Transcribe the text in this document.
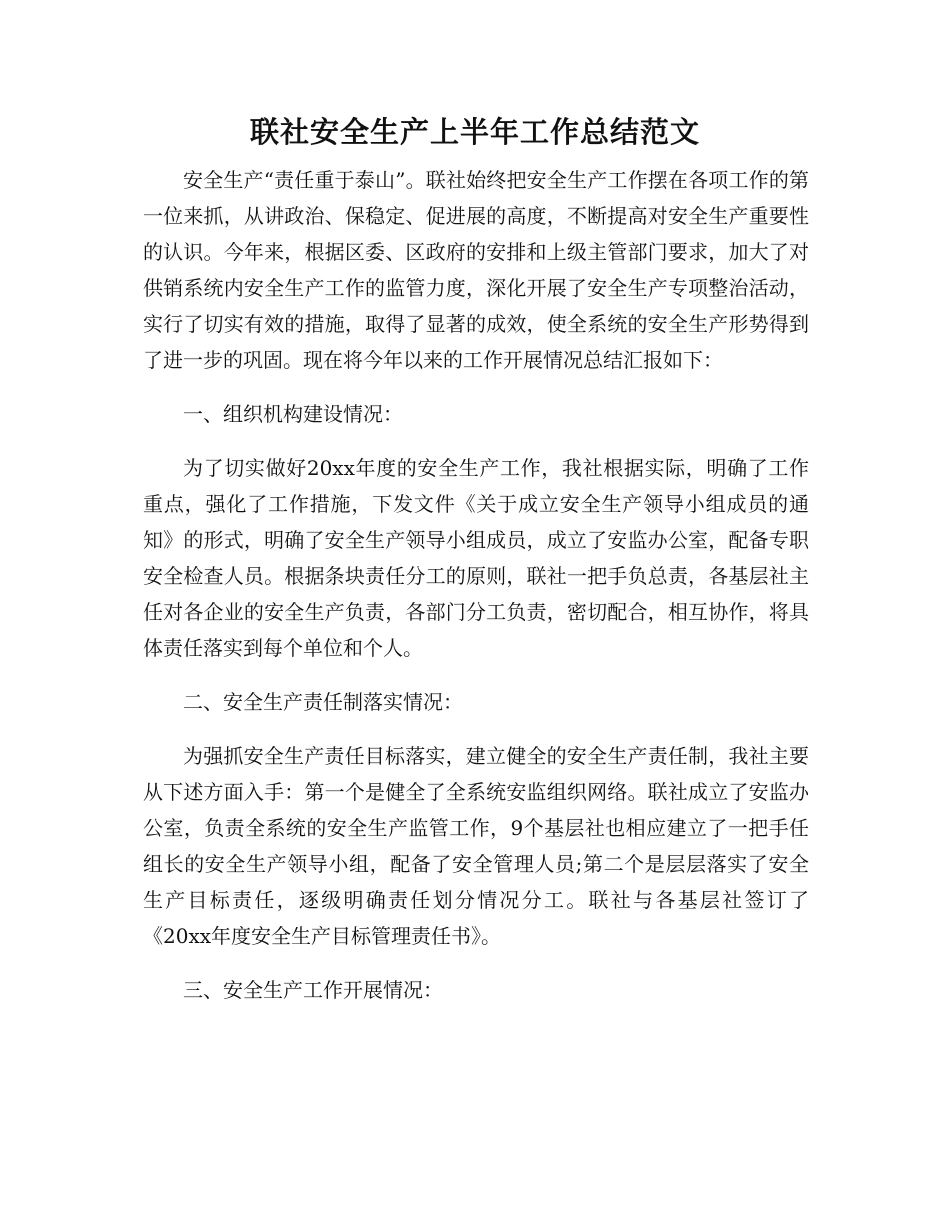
联社安全生产上半年工作总结范文

安全生产“责任重于泰山”。联社始终把安全生产工作摆在各项工作的第一位来抓，从讲政治、保稳定、促进展的高度，不断提高对安全生产重要性的认识。今年来，根据区委、区政府的安排和上级主管部门要求，加大了对供销系统内安全生产工作的监管力度，深化开展了安全生产专项整治活动，实行了切实有效的措施，取得了显著的成效，使全系统的安全生产形势得到了进一步的巩固。现在将今年以来的工作开展情况总结汇报如下：

一、组织机构建设情况：

为了切实做好20xx年度的安全生产工作，我社根据实际，明确了工作重点，强化了工作措施，下发文件《关于成立安全生产领导小组成员的通知》的形式，明确了安全生产领导小组成员，成立了安监办公室，配备专职安全检查人员。根据条块责任分工的原则，联社一把手负总责，各基层社主任对各企业的安全生产负责，各部门分工负责，密切配合，相互协作，将具体责任落实到每个单位和个人。

二、安全生产责任制落实情况：

为强抓安全生产责任目标落实，建立健全的安全生产责任制，我社主要从下述方面入手：第一个是健全了全系统安监组织网络。联社成立了安监办公室，负责全系统的安全生产监管工作，9个基层社也相应建立了一把手任组长的安全生产领导小组，配备了安全管理人员;第二个是层层落实了安全生产目标责任，逐级明确责任划分情况分工。联社与各基层社签订了《20xx年度安全生产目标管理责任书》。

三、安全生产工作开展情况：
